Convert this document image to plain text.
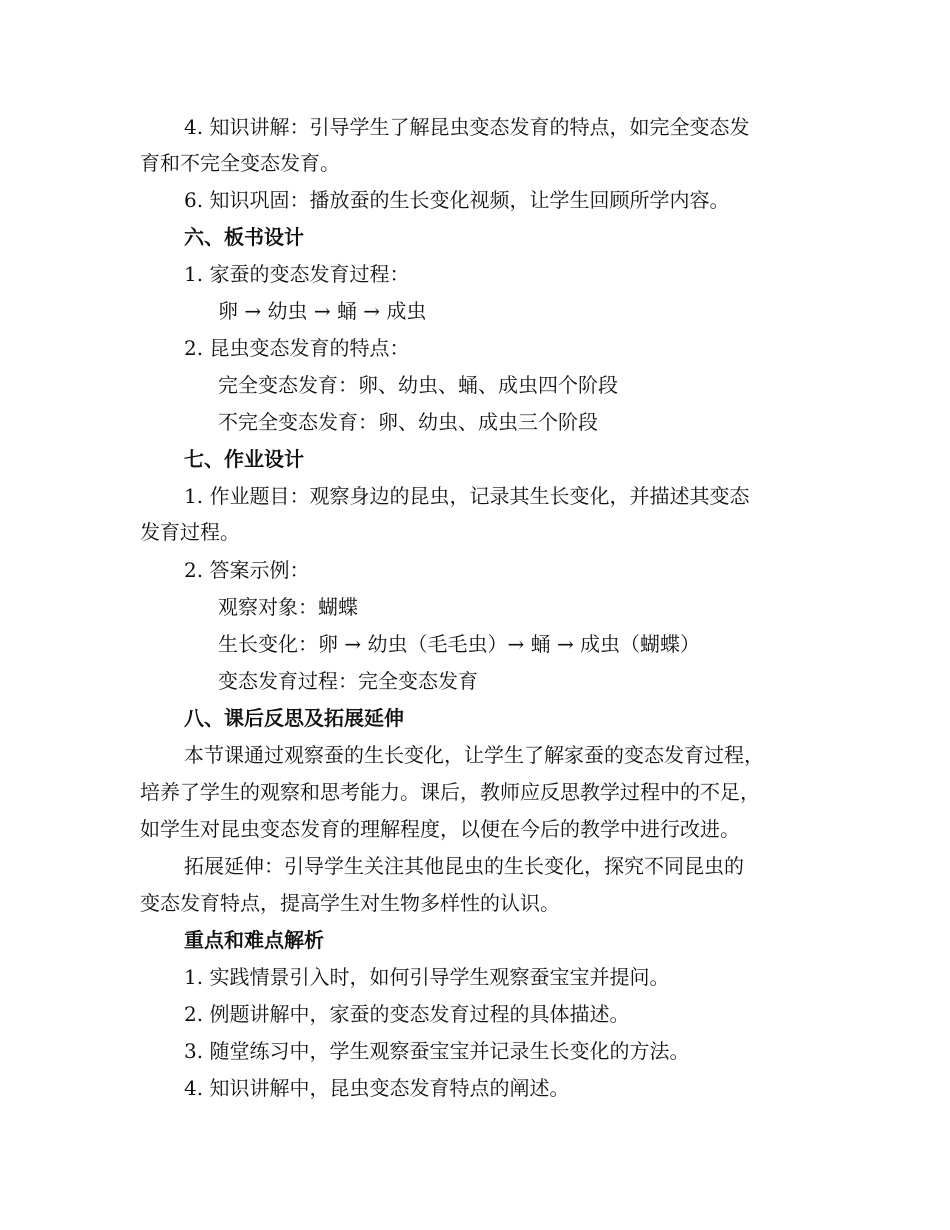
4. 知识讲解：引导学生了解昆虫变态发育的特点，如完全变态发
育和不完全变态发育。
6. 知识巩固：播放蚕的生长变化视频，让学生回顾所学内容。
六、板书设计
1. 家蚕的变态发育过程：
卵 → 幼虫 → 蛹 → 成虫
2. 昆虫变态发育的特点：
完全变态发育：卵、幼虫、蛹、成虫四个阶段
不完全变态发育：卵、幼虫、成虫三个阶段
七、作业设计
1. 作业题目：观察身边的昆虫，记录其生长变化，并描述其变态
发育过程。
2. 答案示例：
观察对象：蝴蝶
生长变化：卵 → 幼虫（毛毛虫）→ 蛹 → 成虫（蝴蝶）
变态发育过程：完全变态发育
八、课后反思及拓展延伸
本节课通过观察蚕的生长变化，让学生了解家蚕的变态发育过程，
培养了学生的观察和思考能力。课后，教师应反思教学过程中的不足，
如学生对昆虫变态发育的理解程度，以便在今后的教学中进行改进。
拓展延伸：引导学生关注其他昆虫的生长变化，探究不同昆虫的
变态发育特点，提高学生对生物多样性的认识。
重点和难点解析
1. 实践情景引入时，如何引导学生观察蚕宝宝并提问。
2. 例题讲解中，家蚕的变态发育过程的具体描述。
3. 随堂练习中，学生观察蚕宝宝并记录生长变化的方法。
4. 知识讲解中，昆虫变态发育特点的阐述。
